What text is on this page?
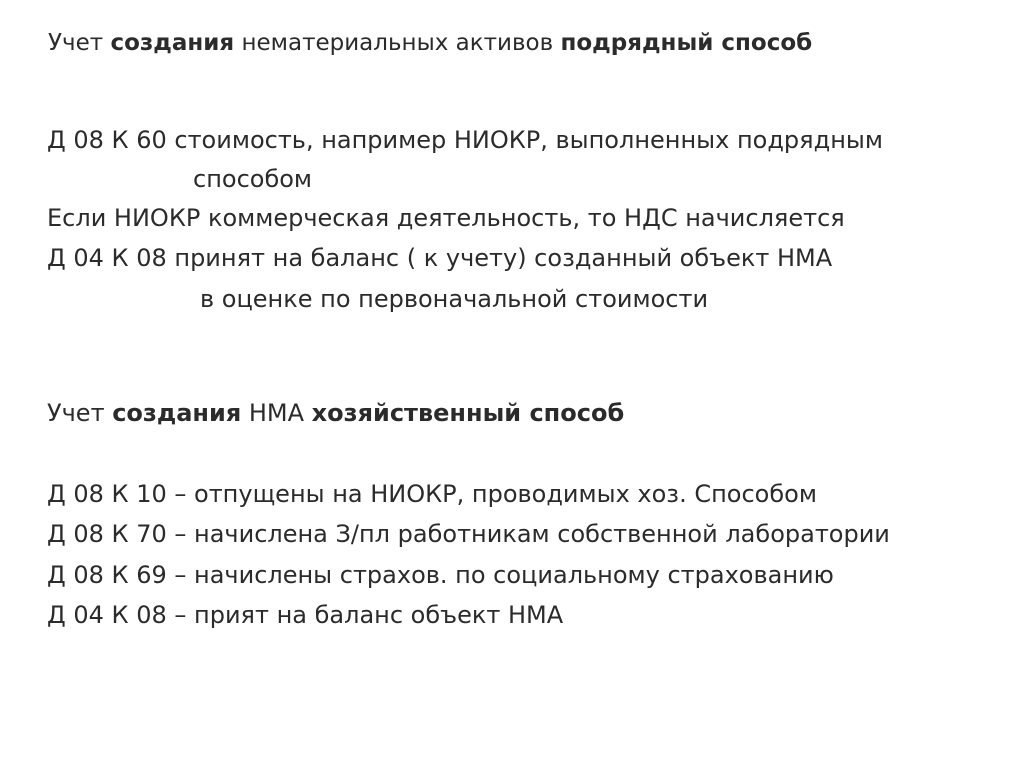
Учет создания нематериальных активов подрядный способ
Д 08 К 60 стоимость, например НИОКР, выполненных подрядным
способом
Если НИОКР коммерческая деятельность, то НДС начисляется
Д 04 К 08 принят на баланс ( к учету) созданный объект НМА
в оценке по первоначальной стоимости
Учет создания НМА хозяйственный способ
Д 08 К 10 – отпущены на НИОКР, проводимых хоз. Способом
Д 08 К 70 – начислена З/пл работникам собственной лаборатории
Д 08 К 69 – начислены страхов. по социальному страхованию
Д 04 К 08 – прият на баланс объект НМА
